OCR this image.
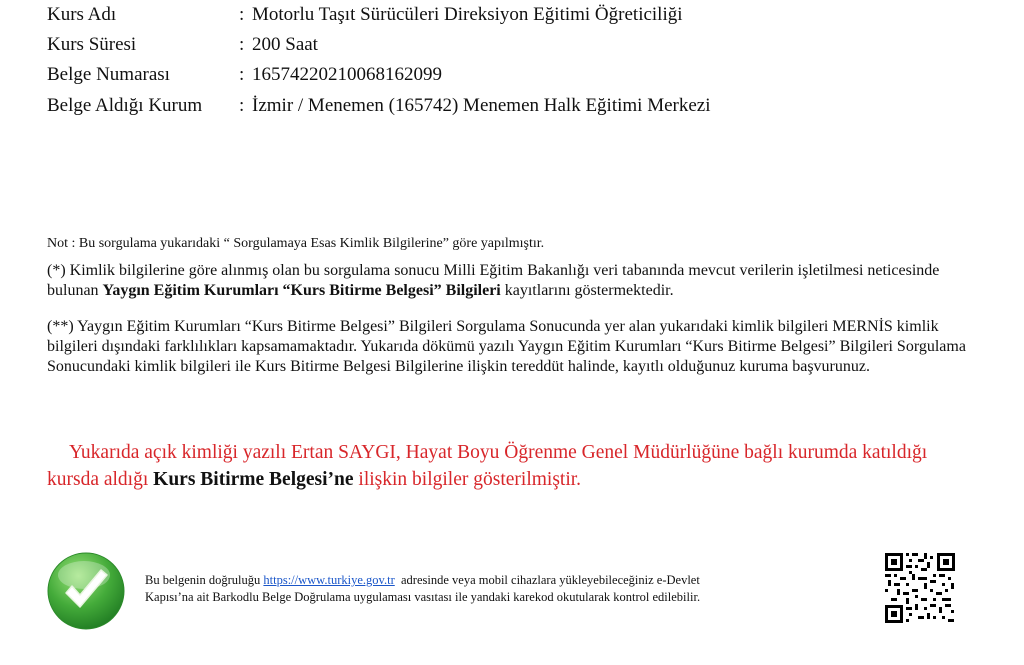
Kurs Adı	: Motorlu Taşıt Sürücüleri Direksiyon Eğitimi Öğreticiliği
Kurs Süresi	: 200 Saat
Belge Numarası	: 16574220210068162099
Belge Aldığı Kurum : İzmir / Menemen (165742) Menemen Halk Eğitimi Merkezi
Not : Bu sorgulama yukarıdaki “ Sorgulamaya Esas Kimlik Bilgilerine” göre yapılmıştır.
(*) Kimlik bilgilerine göre alınmış olan bu sorgulama sonucu Milli Eğitim Bakanlığı veri tabanında mevcut verilerin işletilmesi neticesinde bulunan Yaygın Eğitim Kurumları “Kurs Bitirme Belgesi” Bilgileri kayıtlarını göstermektedir.
(**) Yaygın Eğitim Kurumları “Kurs Bitirme Belgesi” Bilgileri Sorgulama Sonucunda yer alan yukarıdaki kimlik bilgileri MERNİS kimlik bilgileri dışındaki farklılıkları kapsamamaktadır. Yukarıda dökümü yazılı Yaygın Eğitim Kurumları “Kurs Bitirme Belgesi” Bilgileri Sorgulama Sonucundaki kimlik bilgileri ile Kurs Bitirme Belgesi Bilgilerine ilişkin tereddüt halinde, kayıtlı olduğunuz kuruma başvurunuz.
Yukarıda açık kimliği yazılı Ertan SAYGI, Hayat Boyu Öğrenme Genel Müdürlüğüne bağlı kurumda katıldığı kursda aldığı Kurs Bitirme Belgesi’ne ilişkin bilgiler gösterilmiştir.
Bu belgenin doğruluğu https://www.turkiye.gov.tr  adresinde veya mobil cihazlara yükleyebileceğiniz e-Devlet
Kapısı’na ait Barkodlu Belge Doğrulama uygulaması vasıtası ile yandaki karekod okutularak kontrol edilebilir.
